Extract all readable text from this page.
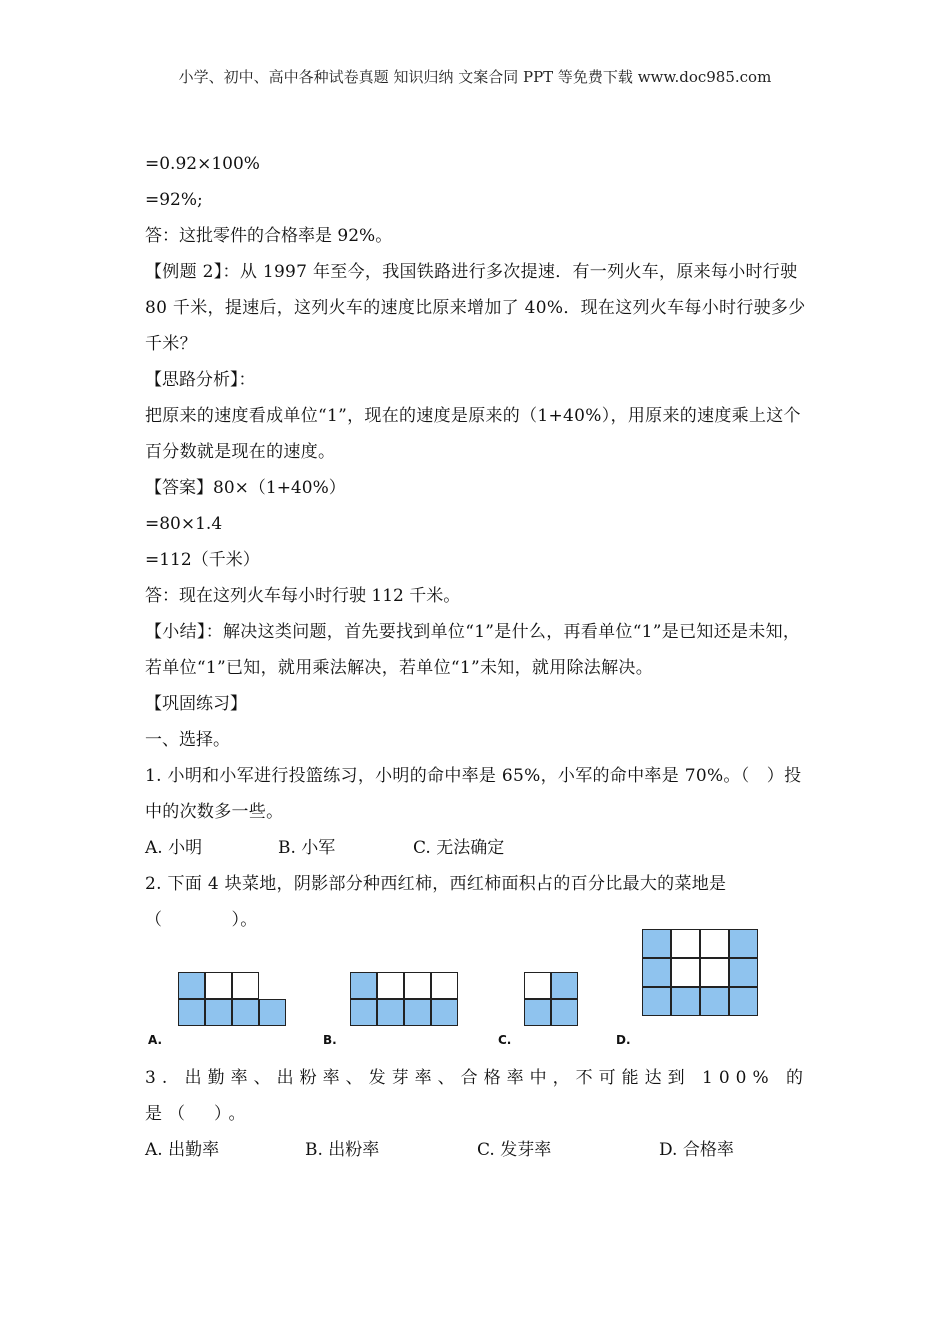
小学、初中、高中各种试卷真题 知识归纳 文案合同 PPT 等免费下载 www.doc985.com
=0.92×100%
=92%;
答：这批零件的合格率是 92%。
【例题 2】：从 1997 年至今，我国铁路进行多次提速．有一列火车，原来每小时行驶 80 千米，提速后，这列火车的速度比原来增加了 40%．现在这列火车每小时行驶多少千米？
【思路分析】：
把原来的速度看成单位“1”，现在的速度是原来的（1+40%），用原来的速度乘上这个百分数就是现在的速度。
【答案】80×（1+40%）
=80×1.4
=112（千米）
答：现在这列火车每小时行驶 112 千米。
【小结】：解决这类问题，首先要找到单位“1”是什么，再看单位“1”是已知还是未知，若单位“1”已知，就用乘法解决，若单位“1”未知，就用除法解决。
【巩固练习】
一、选择。
1. 小明和小军进行投篮练习，小明的命中率是 65%，小军的命中率是 70%。（　）投中的次数多一些。
A. 小明	B. 小军	C. 无法确定
2. 下面 4 块菜地，阴影部分种西红柿，西红柿面积占的百分比最大的菜地是（　　　　）。
A.	B.	C.	D.
3. 出勤率、出粉率、发芽率、合格率中，不可能达到 100% 的是（　）。
A. 出勤率	B. 出粉率	C. 发芽率	D. 合格率
